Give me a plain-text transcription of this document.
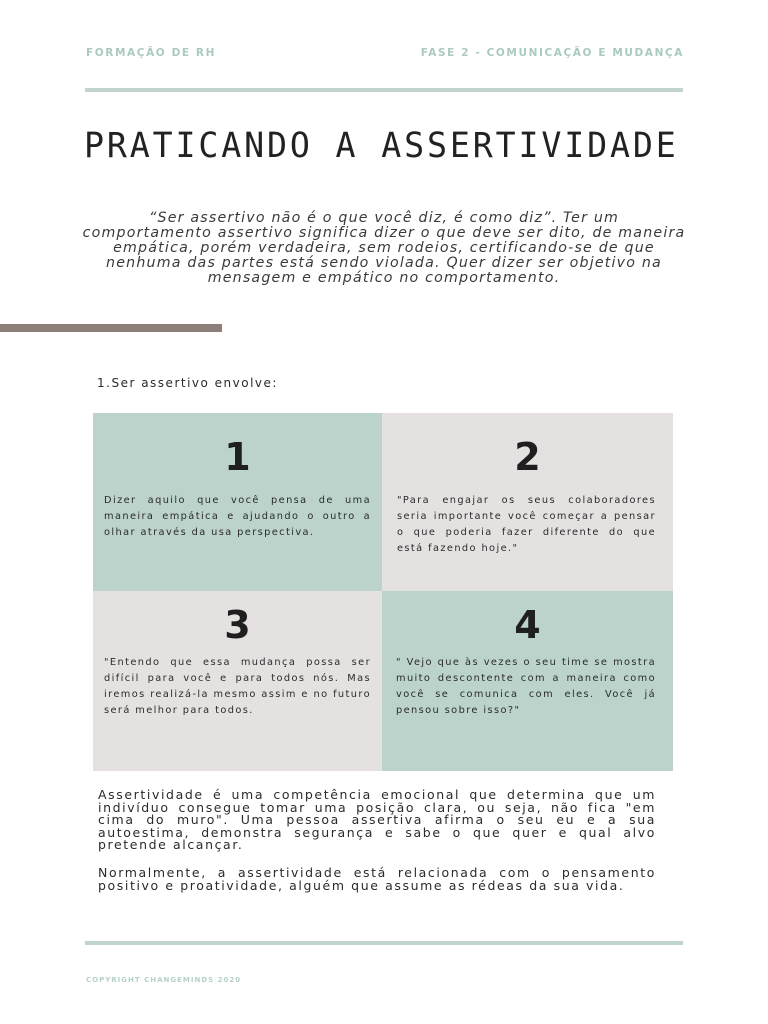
FORMAÇÃO DE RH	FASE 2 - COMUNICAÇÃO E MUDANÇA
PRATICANDO A ASSERTIVIDADE
“Ser assertivo não é o que você diz, é como diz”. Ter um comportamento assertivo significa dizer o que deve ser dito, de maneira empática, porém verdadeira, sem rodeios, certificando-se de que nenhuma das partes está sendo violada. Quer dizer ser objetivo na mensagem e empático no comportamento.
1.Ser assertivo envolve:
1
Dizer aquilo que você pensa de uma maneira empática e ajudando o outro a olhar através da usa perspectiva.
2
"Para engajar os seus colaboradores seria importante você começar a pensar o que poderia fazer diferente do que está fazendo hoje."
3
"Entendo que essa mudança possa ser difícil para você e para todos nós. Mas iremos realizá-la mesmo assim e no futuro será melhor para todos.
4
" Vejo que às vezes o seu time se mostra muito descontente com a maneira como você se comunica com eles. Você já pensou sobre isso?"
Assertividade é uma competência emocional que determina que um indivíduo consegue tomar uma posição clara, ou seja, não fica "em cima do muro". Uma pessoa assertiva afirma o seu eu e a sua autoestima, demonstra segurança e sabe o que quer e qual alvo pretende alcançar.
Normalmente, a assertividade está relacionada com o pensamento positivo e proatividade, alguém que assume as rédeas da sua vida.
COPYRIGHT CHANGEMINDS 2020
